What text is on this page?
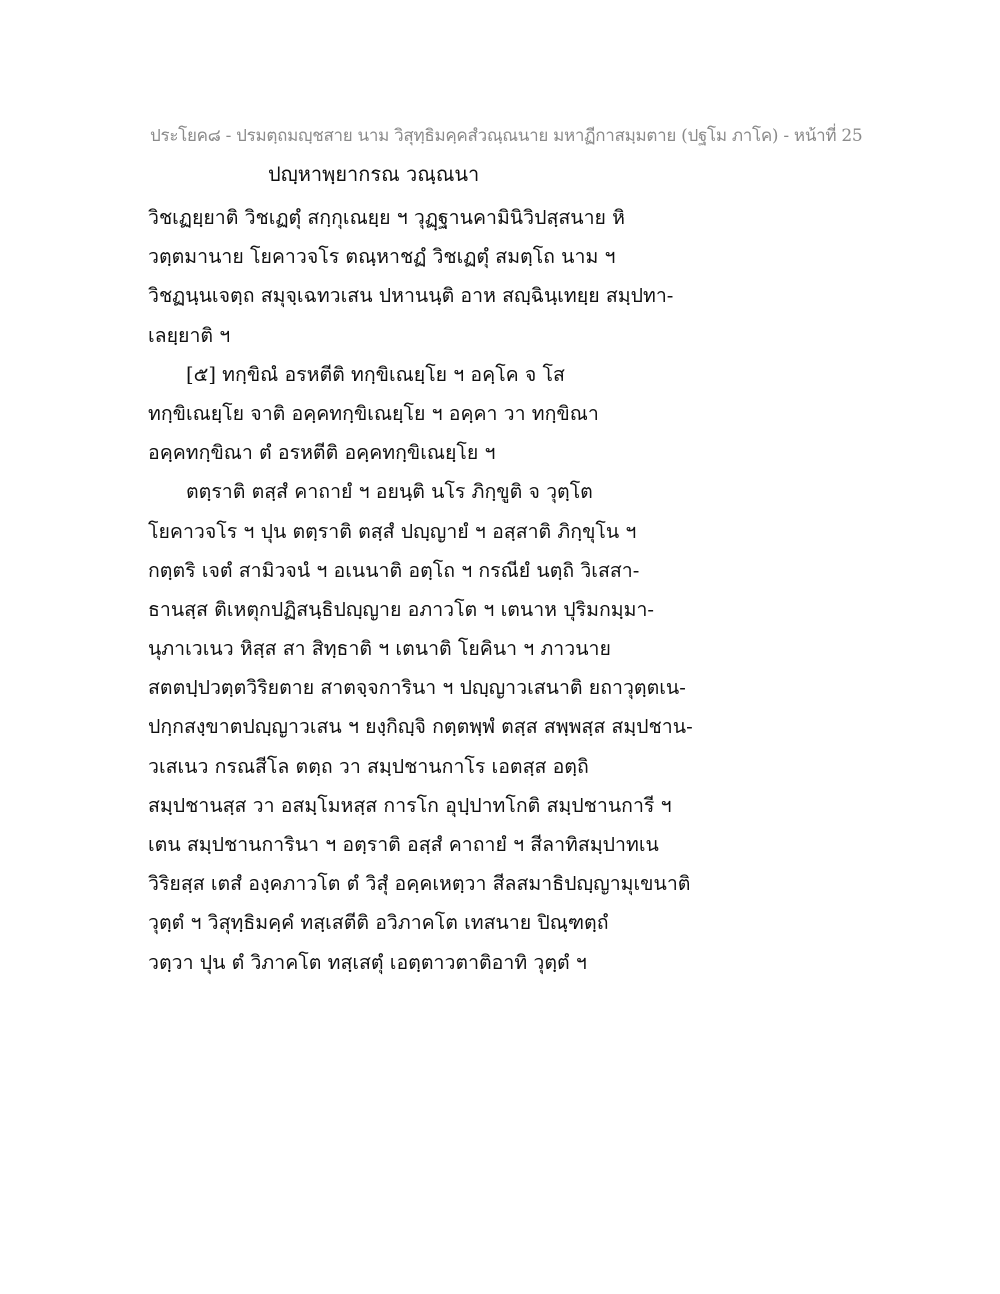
ประโยค๘ - ปรมตฺถมญฺชสาย นาม วิสุทฺธิมคฺคสํวณฺณนาย มหาฏีกาสมฺมตาย (ปฐโม ภาโค) - หน้าที่ 25
ปญฺหาพฺยากรณ วณฺณนา
วิชเฏยฺยาติ วิชเฏตุํ สกฺกุเณยฺย ฯ วุฏฺฐานคามินิวิปสฺสนาย หิ
วตฺตมานาย โยคาวจโร ตณฺหาชฏํ วิชเฏตุํ สมตฺโถ นาม ฯ
วิชฏนฺนเจตฺถ สมุจฺเฉทวเสน ปหานนฺติ อาห สญฺฉินฺเทยฺย สมฺปทา-
เลยฺยาติ ฯ
[๕] ทกฺขิณํ อรหตีติ ทกฺขิเณยฺโย ฯ อคฺโค จ โส
ทกฺขิเณยฺโย จาติ อคฺคทกฺขิเณยฺโย ฯ อคฺคา วา ทกฺขิณา
อคฺคทกฺขิณา ตํ อรหตีติ อคฺคทกฺขิเณยฺโย ฯ
ตตฺราติ ตสฺสํ คาถายํ ฯ อยนฺติ นโร ภิกฺขูติ จ วุตฺโต
โยคาวจโร ฯ ปุน ตตฺราติ ตสฺสํ ปญฺญายํ ฯ อสฺสาติ ภิกฺขุโน ฯ
กตฺตริ เจตํ สามิวจนํ ฯ อเนนาติ อตฺโถ ฯ กรณียํ นตฺถิ วิเสสา-
ธานสฺส ติเหตุกปฏิสนฺธิปญฺญาย อภาวโต ฯ เตนาห ปุริมกมฺมา-
นุภาเวเนว หิสฺส สา สิทฺธาติ ฯ เตนาติ โยคินา ฯ ภาวนาย
สตตปฺปวตฺตวิริยตาย สาตจฺจการินา ฯ ปญฺญาวเสนาติ ยถาวุตฺตเน-
ปกฺกสงฺขาตปญฺญาวเสน ฯ ยงฺกิญฺจิ กตฺตพฺพํ ตสฺส สพฺพสฺส สมฺปชาน-
วเสเนว กรณสีโล ตตฺถ วา สมฺปชานกาโร เอตสฺส อตฺถิ
สมฺปชานสฺส วา อสมฺโมหสฺส การโก อุปฺปาทโกติ สมฺปชานการี ฯ
เตน สมฺปชานการินา ฯ อตฺราติ อสฺสํ คาถายํ ฯ สีลาทิสมฺปาทเน
วิริยสฺส เตสํ องฺคภาวโต ตํ วิสุํ อคฺคเหตฺวา สีลสมาธิปญฺญามุเขนาติ
วุตฺตํ ฯ วิสุทฺธิมคฺคํ ทสฺเสตีติ อวิภาคโต เทสนาย ปิณฺฑตฺถํ
วตฺวา ปุน ตํ วิภาคโต ทสฺเสตุํ เอตฺตาวตาติอาทิ วุตฺตํ ฯ
